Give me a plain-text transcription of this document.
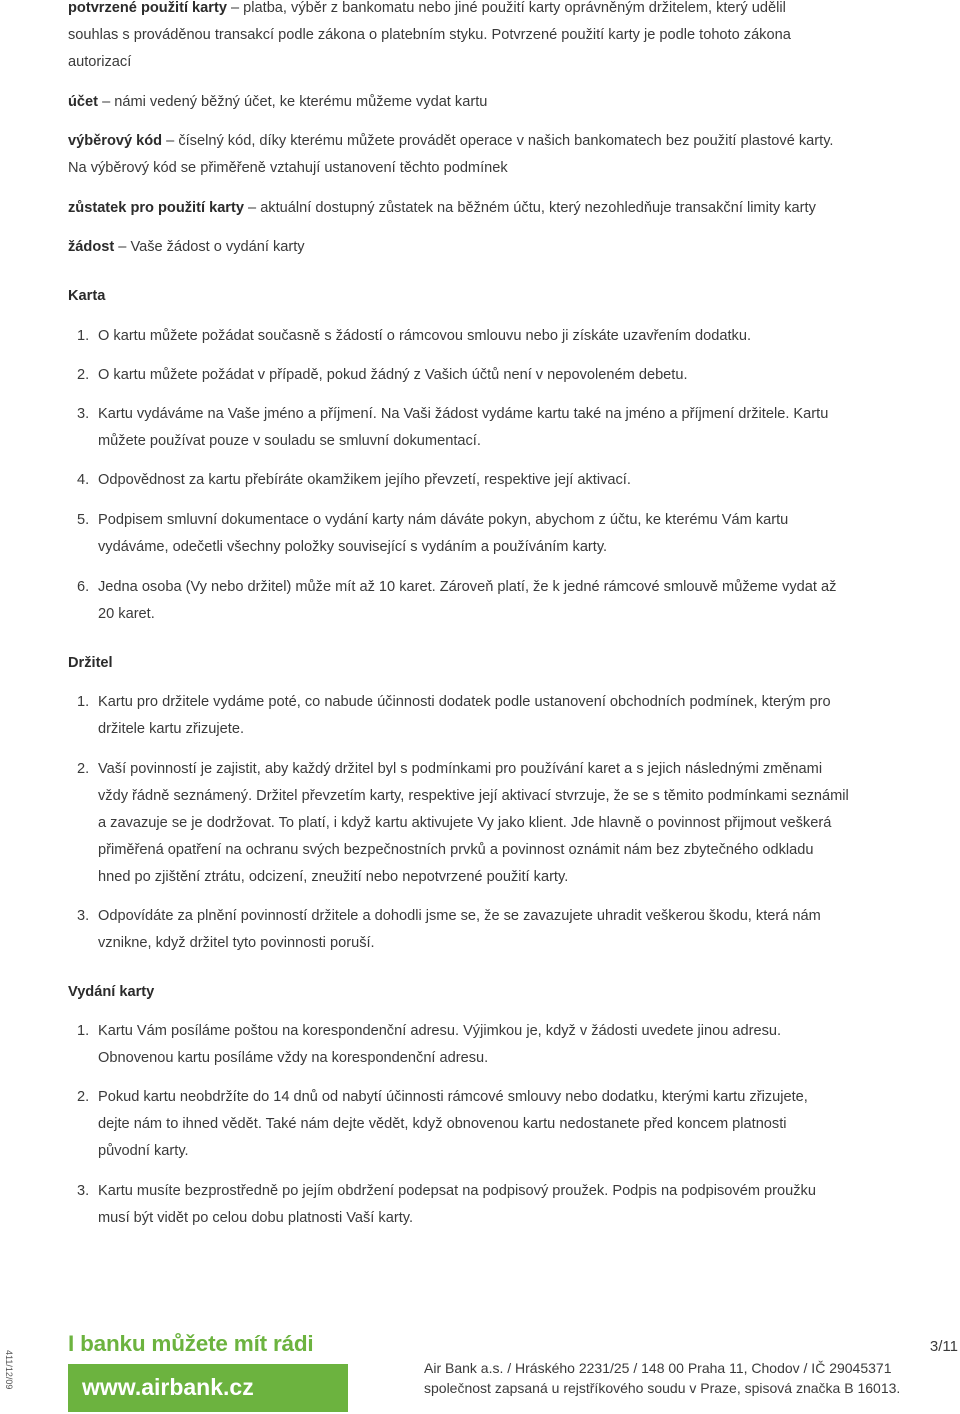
potvrzené použití karty – platba, výběr z bankomatu nebo jiné použití karty oprávněným držitelem, který udělil
souhlas s prováděnou transakcí podle zákona o platebním styku. Potvrzené použití karty je podle tohoto zákona
autorizací
účet – námi vedený běžný účet, ke kterému můžeme vydat kartu
výběrový kód – číselný kód, díky kterému můžete provádět operace v našich bankomatech bez použití plastové karty.
Na výběrový kód se přiměřeně vztahují ustanovení těchto podmínek
zůstatek pro použití karty – aktuální dostupný zůstatek na běžném účtu, který nezohledňuje transakční limity karty
žádost – Vaše žádost o vydání karty
Karta
1. O kartu můžete požádat současně s žádostí o rámcovou smlouvu nebo ji získáte uzavřením dodatku.
2. O kartu můžete požádat v případě, pokud žádný z Vašich účtů není v nepovoleném debetu.
3. Kartu vydáváme na Vaše jméno a příjmení. Na Vaši žádost vydáme kartu také na jméno a příjmení držitele. Kartu
můžete používat pouze v souladu se smluvní dokumentací.
4. Odpovědnost za kartu přebíráte okamžikem jejího převzetí, respektive její aktivací.
5. Podpisem smluvní dokumentace o vydání karty nám dáváte pokyn, abychom z účtu, ke kterému Vám kartu
vydáváme, odečetli všechny položky související s vydáním a používáním karty.
6. Jedna osoba (Vy nebo držitel) může mít až 10 karet. Zároveň platí, že k jedné rámcové smlouvě můžeme vydat až
20 karet.
Držitel
1. Kartu pro držitele vydáme poté, co nabude účinnosti dodatek podle ustanovení obchodních podmínek, kterým pro
držitele kartu zřizujete.
2. Vaší povinností je zajistit, aby každý držitel byl s podmínkami pro používání karet a s jejich následnými změnami
vždy řádně seznámený. Držitel převzetím karty, respektive její aktivací stvrzuje, že se s těmito podmínkami seznámil
a zavazuje se je dodržovat. To platí, i když kartu aktivujete Vy jako klient. Jde hlavně o povinnost přijmout veškerá
přiměřená opatření na ochranu svých bezpečnostních prvků a povinnost oznámit nám bez zbytečného odkladu
hned po zjištění ztrátu, odcizení, zneužití nebo nepotvrzené použití karty.
3. Odpovídáte za plnění povinností držitele a dohodli jsme se, že se zavazujete uhradit veškerou škodu, která nám
vznikne, když držitel tyto povinnosti poruší.
Vydání karty
1. Kartu Vám posíláme poštou na korespondenční adresu. Výjimkou je, když v žádosti uvedete jinou adresu.
Obnovenou kartu posíláme vždy na korespondenční adresu.
2. Pokud kartu neobdržíte do 14 dnů od nabytí účinnosti rámcové smlouvy nebo dodatku, kterými kartu zřizujete,
dejte nám to ihned vědět. Také nám dejte vědět, když obnovenou kartu nedostanete před koncem platnosti
původní karty.
3. Kartu musíte bezprostředně po jejím obdržení podepsat na podpisový proužek. Podpis na podpisovém proužku
musí být vidět po celou dobu platnosti Vaší karty.
411/12/09
I banku můžete mít rádi
www.airbank.cz
3/11
Air Bank a.s. / Hráského 2231/25 / 148 00 Praha 11, Chodov / IČ 29045371
společnost zapsaná u rejstříkového soudu v Praze, spisová značka B 16013.
